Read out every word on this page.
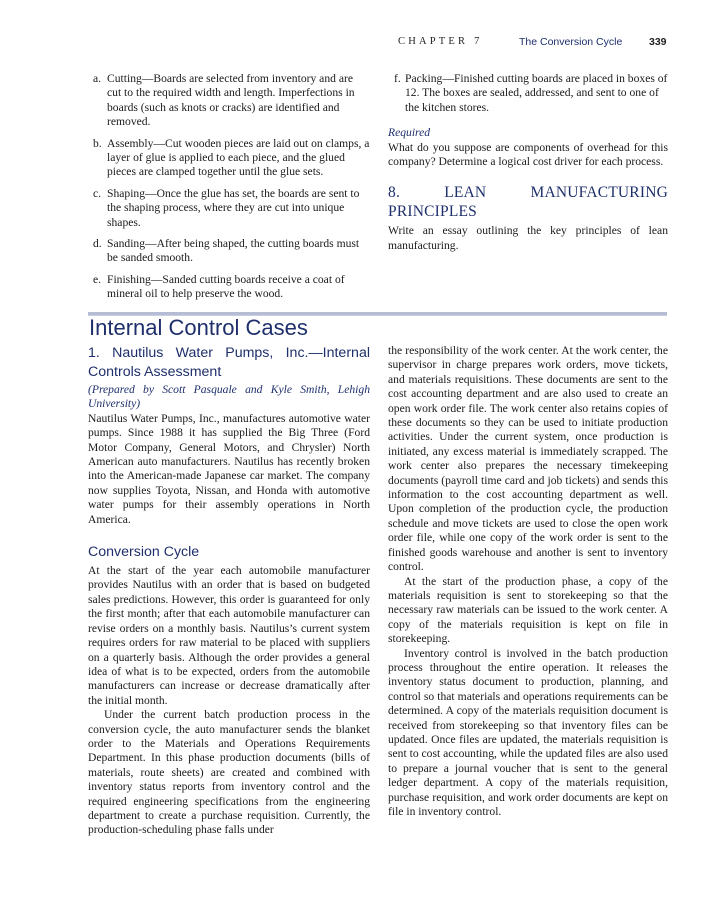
CHAPTER 7	The Conversion Cycle	339
a. Cutting—Boards are selected from inventory and are cut to the required width and length. Imperfections in boards (such as knots or cracks) are identified and removed.
b. Assembly—Cut wooden pieces are laid out on clamps, a layer of glue is applied to each piece, and the glued pieces are clamped together until the glue sets.
c. Shaping—Once the glue has set, the boards are sent to the shaping process, where they are cut into unique shapes.
d. Sanding—After being shaped, the cutting boards must be sanded smooth.
e. Finishing—Sanded cutting boards receive a coat of mineral oil to help preserve the wood.
f. Packing—Finished cutting boards are placed in boxes of 12. The boxes are sealed, addressed, and sent to one of the kitchen stores.
Required

What do you suppose are components of overhead for this company? Determine a logical cost driver for each process.

8. LEAN MANUFACTURING PRINCIPLES

Write an essay outlining the key principles of lean manufacturing.

Internal Control Cases
1. Nautilus Water Pumps, Inc.—Internal Controls Assessment
(Prepared by Scott Pasquale and Kyle Smith, Lehigh University)

Nautilus Water Pumps, Inc., manufactures automotive water pumps. Since 1988 it has supplied the Big Three (Ford Motor Company, General Motors, and Chrysler) North American auto manufacturers. Nautilus has recently broken into the American-made Japanese car market. The company now supplies Toyota, Nissan, and Honda with automotive water pumps for their assembly operations in North America.

Conversion Cycle

At the start of the year each automobile manufacturer provides Nautilus with an order that is based on budgeted sales predictions. However, this order is guaranteed for only the first month; after that each automobile manufacturer can revise orders on a monthly basis. Nautilus’s current system requires orders for raw material to be placed with suppliers on a quarterly basis. Although the order provides a general idea of what is to be expected, orders from the automobile manufacturers can increase or decrease dramatically after the initial month.

Under the current batch production process in the conversion cycle, the auto manufacturer sends the blanket order to the Materials and Operations Requirements Department. In this phase production documents (bills of materials, route sheets) are created and combined with inventory status reports from inventory control and the required engineering specifications from the engineering department to create a purchase requisition. Currently, the production-scheduling phase falls under

the responsibility of the work center. At the work center, the supervisor in charge prepares work orders, move tickets, and materials requisitions. These documents are sent to the cost accounting department and are also used to create an open work order file. The work center also retains copies of these documents so they can be used to initiate production activities. Under the current system, once production is initiated, any excess material is immediately scrapped. The work center also prepares the necessary timekeeping documents (payroll time card and job tickets) and sends this information to the cost accounting department as well. Upon completion of the production cycle, the production schedule and move tickets are used to close the open work order file, while one copy of the work order is sent to the finished goods warehouse and another is sent to inventory control.

At the start of the production phase, a copy of the materials requisition is sent to storekeeping so that the necessary raw materials can be issued to the work center. A copy of the materials requisition is kept on file in storekeeping.

Inventory control is involved in the batch production process throughout the entire operation. It releases the inventory status document to production, planning, and control so that materials and operations requirements can be determined. A copy of the materials requisition document is received from storekeeping so that inventory files can be updated. Once files are updated, the materials requisition is sent to cost accounting, while the updated files are also used to prepare a journal voucher that is sent to the general ledger department. A copy of the materials requisition, purchase requisition, and work order documents are kept on file in inventory control.
